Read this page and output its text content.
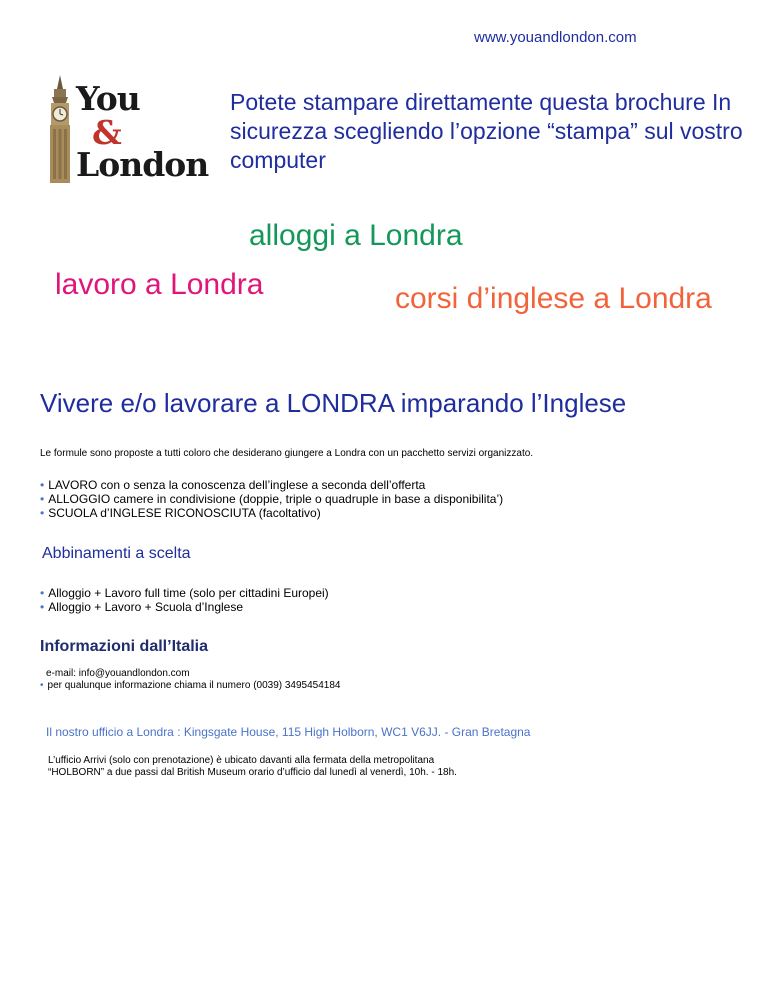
www.youandlondon.com
You
&
London
Potete stampare direttamente questa brochure In sicurezza scegliendo l’opzione “stampa” sul vostro computer
alloggi a Londra
lavoro a Londra	corsi d’inglese a Londra
Vivere e/o lavorare a LONDRA imparando l’Inglese
Le formule sono proposte a tutti coloro che desiderano giungere a Londra con un pacchetto servizi organizzato.
• LAVORO con o senza la conoscenza dell’inglese a seconda dell’offerta
• ALLOGGIO camere in condivisione (doppie, triple o quadruple in base a disponibilita’)
• SCUOLA d’INGLESE RICONOSCIUTA (facoltativo)
Abbinamenti a scelta
• Alloggio + Lavoro full time (solo per cittadini Europei)
• Alloggio + Lavoro + Scuola d’Inglese
Informazioni dall’Italia
e-mail: info@youandlondon.com
• per qualunque informazione chiama il numero (0039) 3495454184
Il nostro ufficio a Londra : Kingsgate House, 115 High Holborn, WC1 V6JJ. - Gran Bretagna
L’ufficio Arrivi (solo con prenotazione) è ubicato davanti alla fermata della metropolitana
“HOLBORN” a due passi dal British Museum orario d’ufficio dal lunedì al venerdì, 10h. - 18h.
